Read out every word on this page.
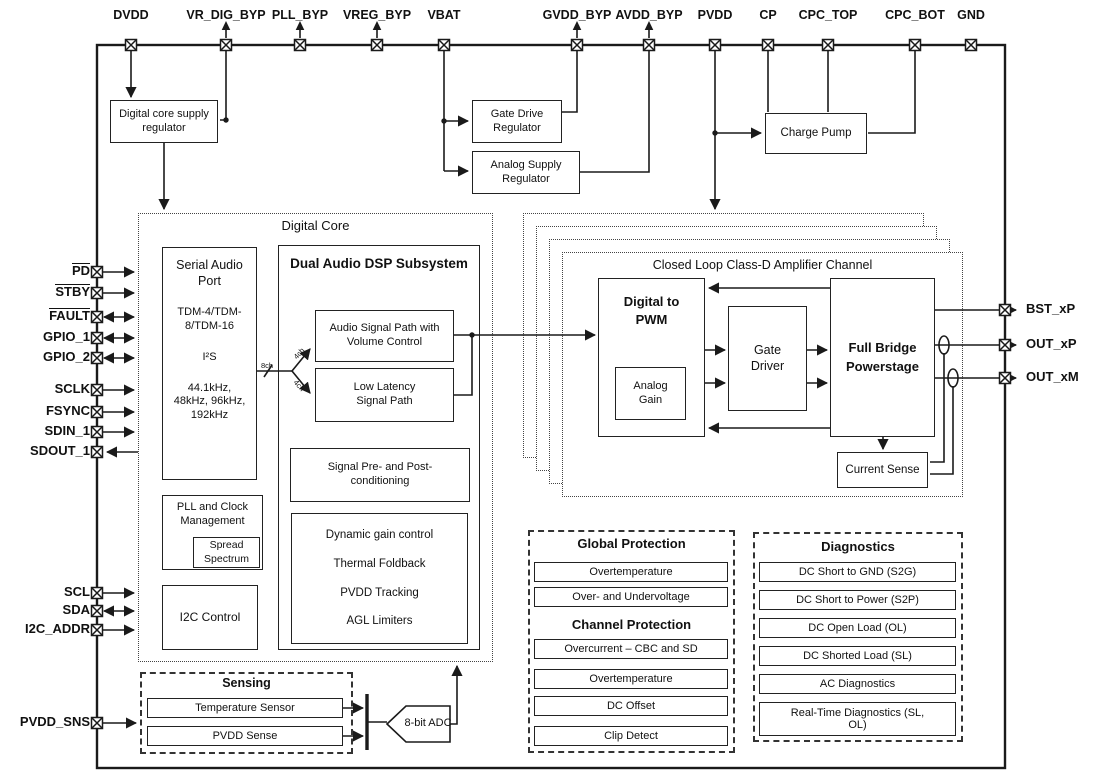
DVDD	VR_DIG_BYP PLL_BYP	VREG_BYP	VBAT	GVDD_BYP AVDD_BYP	PVDD	CP	CPC_TOP	CPC_BOT GND
PD
STBY
FAULT
GPIO_1
GPIO_2
SCLK
FSYNC
SDIN_1
SDOUT_1
SCL
SDA
I2C_ADDR
PVDD_SNS
BST_xP
OUT_xP
OUT_xM
Digital core supply regulator
Gate Drive Regulator
Analog Supply Regulator
Charge Pump
Digital Core
Serial Audio Port
TDM-4/TDM-8/TDM-16
I²S
44.1kHz, 48kHz, 96kHz, 192kHz
Dual Audio DSP Subsystem
Audio Signal Path with Volume Control
Low Latency Signal Path
Signal Pre- and Post-conditioning
Dynamic gain control
Thermal Foldback
PVDD Tracking
AGL Limiters
PLL and Clock Management
Spread Spectrum
I2C Control
8ch
4ch
4ch
Sensing
Temperature Sensor
PVDD Sense
8-bit ADC
Closed Loop Class-D Amplifier Channel
Digital to PWM
Analog Gain
Gate Driver
Full Bridge Powerstage
Current Sense
Global Protection
Overtemperature
Over- and Undervoltage
Channel Protection
Overcurrent – CBC and SD
Overtemperature
DC Offset
Clip Detect
Diagnostics
DC Short to GND (S2G)
DC Short to Power (S2P)
DC Open Load (OL)
DC Shorted Load (SL)
AC Diagnostics
Real-Time Diagnostics (SL, OL)
